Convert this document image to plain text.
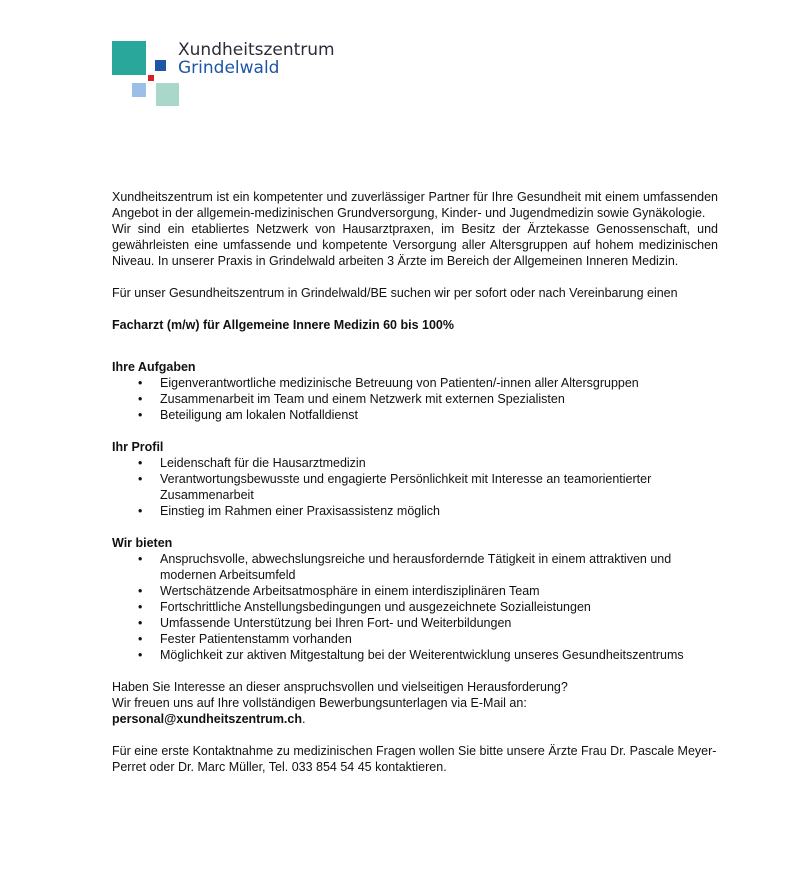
Xundheitszentrum
Grindelwald

Xundheitszentrum ist ein kompetenter und zuverlässiger Partner für Ihre Gesundheit mit einem umfassenden Angebot in der allgemein-medizinischen Grundversorgung, Kinder- und Jugendmedizin sowie Gynäkologie.

Wir sind ein etabliertes Netzwerk von Hausarztpraxen, im Besitz der Ärztekasse Genossenschaft, und gewährleisten eine umfassende und kompetente Versorgung aller Altersgruppen auf hohem medizinischen Niveau. In unserer Praxis in Grindelwald arbeiten 3 Ärzte im Bereich der Allgemeinen Inneren Medizin.

Für unser Gesundheitszentrum in Grindelwald/BE suchen wir per sofort oder nach Vereinbarung einen

Facharzt (m/w) für Allgemeine Innere Medizin 60 bis 100%
Ihre Aufgaben
• Eigenverantwortliche medizinische Betreuung von Patienten/-innen aller Altersgruppen
• Zusammenarbeit im Team und einem Netzwerk mit externen Spezialisten
• Beteiligung am lokalen Notfalldienst
Ihr Profil
• Leidenschaft für die Hausarztmedizin
• Verantwortungsbewusste und engagierte Persönlichkeit mit Interesse an teamorientierter Zusammenarbeit
• Einstieg im Rahmen einer Praxisassistenz möglich
Wir bieten
• Anspruchsvolle, abwechslungsreiche und herausfordernde Tätigkeit in einem attraktiven und modernen Arbeitsumfeld
• Wertschätzende Arbeitsatmosphäre in einem interdisziplinären Team
• Fortschrittliche Anstellungsbedingungen und ausgezeichnete Sozialleistungen
• Umfassende Unterstützung bei Ihren Fort- und Weiterbildungen
• Fester Patientenstamm vorhanden
• Möglichkeit zur aktiven Mitgestaltung bei der Weiterentwicklung unseres Gesundheitszentrums

Haben Sie Interesse an dieser anspruchsvollen und vielseitigen Herausforderung?

Wir freuen uns auf Ihre vollständigen Bewerbungsunterlagen via E-Mail an:

personal@xundheitszentrum.ch.

Für eine erste Kontaktnahme zu medizinischen Fragen wollen Sie bitte unsere Ärzte Frau Dr. Pascale Meyer-Perret oder Dr. Marc Müller, Tel. 033 854 54 45 kontaktieren.
